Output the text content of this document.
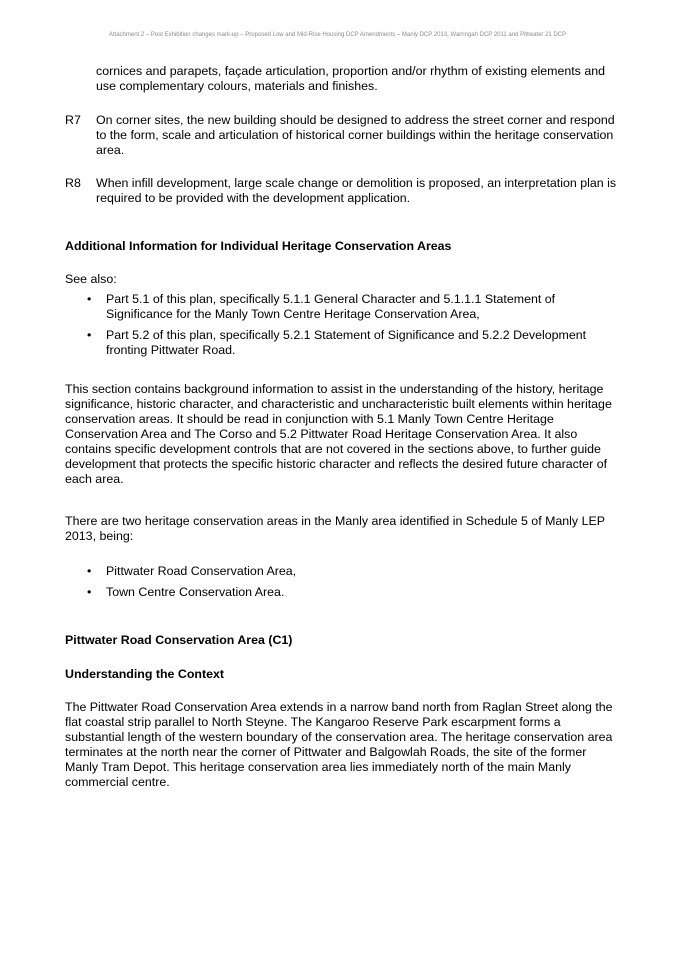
Attachment 2 – Post Exhibition changes mark-up – Proposed Low and Mid-Rise Housing DCP Amendments – Manly DCP 2013, Warringah DCP 2011 and Pittwater 21 DCP
cornices and parapets, façade articulation, proportion and/or rhythm of existing elements and use complementary colours, materials and finishes.
R7 On corner sites, the new building should be designed to address the street corner and respond to the form, scale and articulation of historical corner buildings within the heritage conservation area.
R8 When infill development, large scale change or demolition is proposed, an interpretation plan is required to be provided with the development application.
Additional Information for Individual Heritage Conservation Areas
See also:
• Part 5.1 of this plan, specifically 5.1.1 General Character and 5.1.1.1 Statement of Significance for the Manly Town Centre Heritage Conservation Area,
• Part 5.2 of this plan, specifically 5.2.1 Statement of Significance and 5.2.2 Development fronting Pittwater Road.
This section contains background information to assist in the understanding of the history, heritage significance, historic character, and characteristic and uncharacteristic built elements within heritage conservation areas. It should be read in conjunction with 5.1 Manly Town Centre Heritage Conservation Area and The Corso and 5.2 Pittwater Road Heritage Conservation Area. It also contains specific development controls that are not covered in the sections above, to further guide development that protects the specific historic character and reflects the desired future character of each area.
There are two heritage conservation areas in the Manly area identified in Schedule 5 of Manly LEP 2013, being:
• Pittwater Road Conservation Area,
• Town Centre Conservation Area.
Pittwater Road Conservation Area (C1)
Understanding the Context
The Pittwater Road Conservation Area extends in a narrow band north from Raglan Street along the flat coastal strip parallel to North Steyne. The Kangaroo Reserve Park escarpment forms a substantial length of the western boundary of the conservation area. The heritage conservation area terminates at the north near the corner of Pittwater and Balgowlah Roads, the site of the former Manly Tram Depot. This heritage conservation area lies immediately north of the main Manly commercial centre.
